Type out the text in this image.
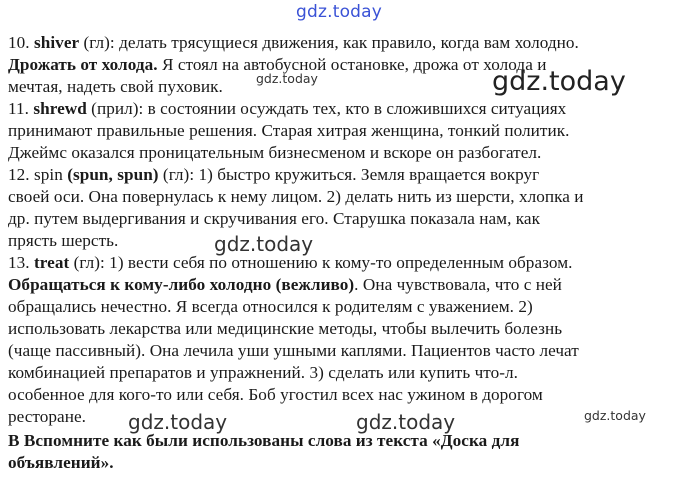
10. shiver (гл): делать трясущиеся движения, как правило, когда вам холодно.
Дрожать от холода. Я стоял на автобусной остановке, дрожа от холода и
мечтая, надеть свой пуховик.
11. shrewd (прил): в состоянии осуждать тех, кто в сложившихся ситуациях
принимают правильные решения. Старая хитрая женщина, тонкий политик.
Джеймс оказался проницательным бизнесменом и вскоре он разбогател.
12. spin (spun, spun) (гл): 1) быстро кружиться. Земля вращается вокруг
своей оси. Она повернулась к нему лицом. 2) делать нить из шерсти, хлопка и
др. путем выдергивания и скручивания его. Старушка показала нам, как
прясть шерсть.
13. treat (гл): 1) вести себя по отношению к кому-то определенным образом.
Обращаться к кому-либо холодно (вежливо). Она чувствовала, что с ней
обращались нечестно. Я всегда относился к родителям с уважением. 2)
использовать лекарства или медицинские методы, чтобы вылечить болезнь
(чаще пассивный). Она лечила уши ушными каплями. Пациентов часто лечат
комбинацией препаратов и упражнений. 3) сделать или купить что-л.
особенное для кого-то или себя. Боб угостил всех нас ужином в дорогом
ресторане.
B Вспомните как были использованы слова из текста «Доска для
объявлений».
gdz.today
gdz.today
gdz.today
gdz.today
gdz.today	gdz.today	gdz.today
